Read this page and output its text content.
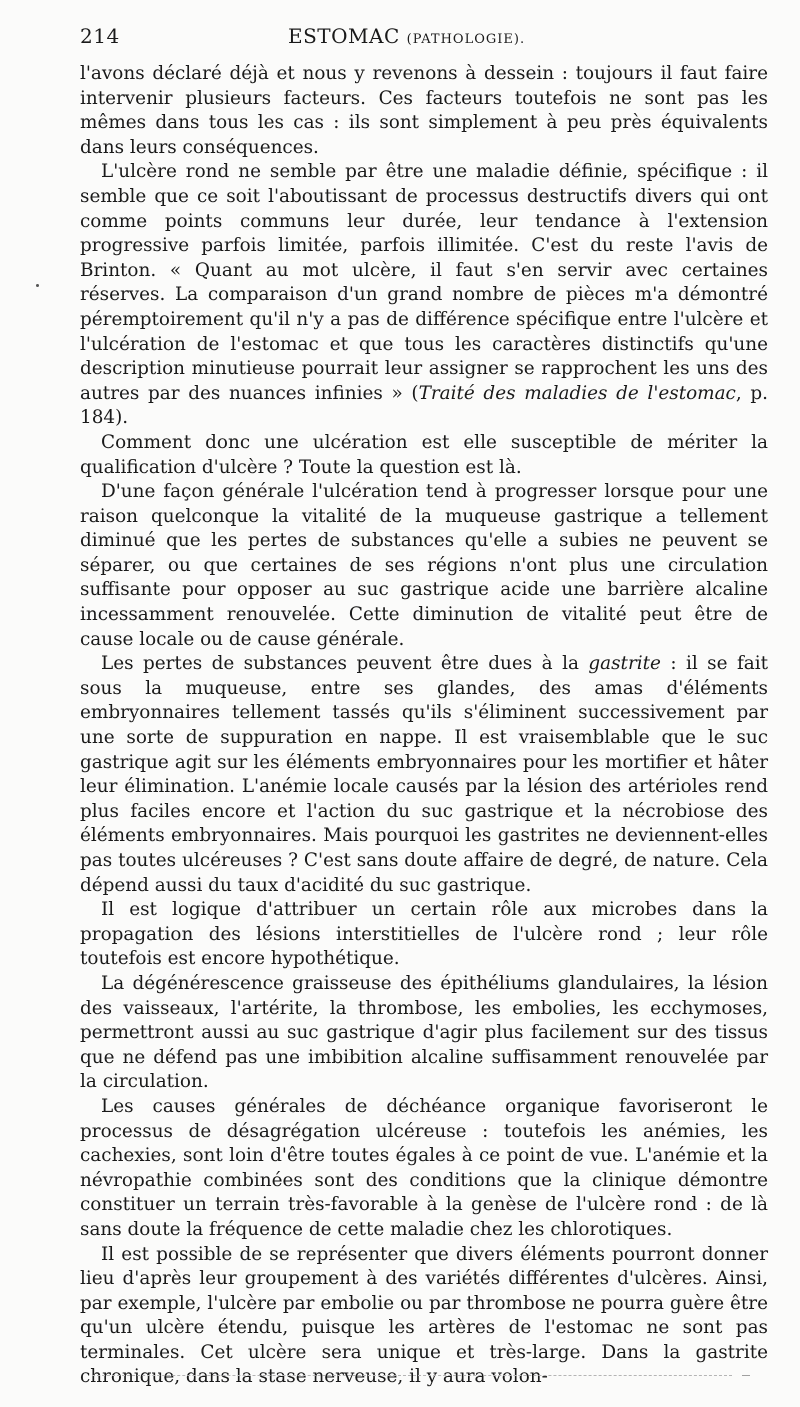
214	ESTOMAC (PATHOLOGIE).

l'avons déclaré déjà et nous y revenons à dessein : toujours il faut faire intervenir plusieurs facteurs. Ces facteurs toutefois ne sont pas les mêmes dans tous les cas : ils sont simplement à peu près équivalents dans leurs conséquences.

L'ulcère rond ne semble par être une maladie définie, spécifique : il semble que ce soit l'aboutissant de processus destructifs divers qui ont comme points communs leur durée, leur tendance à l'extension progressive parfois limitée, parfois illimitée. C'est du reste l'avis de Brinton. « Quant au mot ulcère, il faut s'en servir avec certaines réserves. La comparaison d'un grand nombre de pièces m'a démontré péremptoirement qu'il n'y a pas de différence spécifique entre l'ulcère et l'ulcération de l'estomac et que tous les caractères distinctifs qu'une description minutieuse pourrait leur assigner se rapprochent les uns des autres par des nuances infinies » (Traité des maladies de l'estomac, p. 184).

Comment donc une ulcération est elle susceptible de mériter la qualification d'ulcère ? Toute la question est là.

D'une façon générale l'ulcération tend à progresser lorsque pour une raison quelconque la vitalité de la muqueuse gastrique a tellement diminué que les pertes de substances qu'elle a subies ne peuvent se séparer, ou que certaines de ses régions n'ont plus une circulation suffisante pour opposer au suc gastrique acide une barrière alcaline incessamment renouvelée. Cette diminution de vitalité peut être de cause locale ou de cause générale.

Les pertes de substances peuvent être dues à la gastrite : il se fait sous la muqueuse, entre ses glandes, des amas d'éléments embryonnaires tellement tassés qu'ils s'éliminent successivement par une sorte de suppuration en nappe. Il est vraisemblable que le suc gastrique agit sur les éléments embryonnaires pour les mortifier et hâter leur élimination. L'anémie locale causés par la lésion des artérioles rend plus faciles encore et l'action du suc gastrique et la nécrobiose des éléments embryonnaires. Mais pourquoi les gastrites ne deviennent-elles pas toutes ulcéreuses ? C'est sans doute affaire de degré, de nature. Cela dépend aussi du taux d'acidité du suc gastrique.

Il est logique d'attribuer un certain rôle aux microbes dans la propagation des lésions interstitielles de l'ulcère rond ; leur rôle toutefois est encore hypothétique.

La dégénérescence graisseuse des épithéliums glandulaires, la lésion des vaisseaux, l'artérite, la thrombose, les embolies, les ecchymoses, permettront aussi au suc gastrique d'agir plus facilement sur des tissus que ne défend pas une imbibition alcaline suffisamment renouvelée par la circulation.

Les causes générales de déchéance organique favoriseront le processus de désagrégation ulcéreuse : toutefois les anémies, les cachexies, sont loin d'être toutes égales à ce point de vue. L'anémie et la névropathie combinées sont des conditions que la clinique démontre constituer un terrain très-favorable à la genèse de l'ulcère rond : de là sans doute la fréquence de cette maladie chez les chlorotiques.

Il est possible de se représenter que divers éléments pourront donner lieu d'après leur groupement à des variétés différentes d'ulcères. Ainsi, par exemple, l'ulcère par embolie ou par thrombose ne pourra guère être qu'un ulcère étendu, puisque les artères de l'estomac ne sont pas terminales. Cet ulcère sera unique et très-large. Dans la gastrite chronique, dans la stase nerveuse, il y aura volon-
